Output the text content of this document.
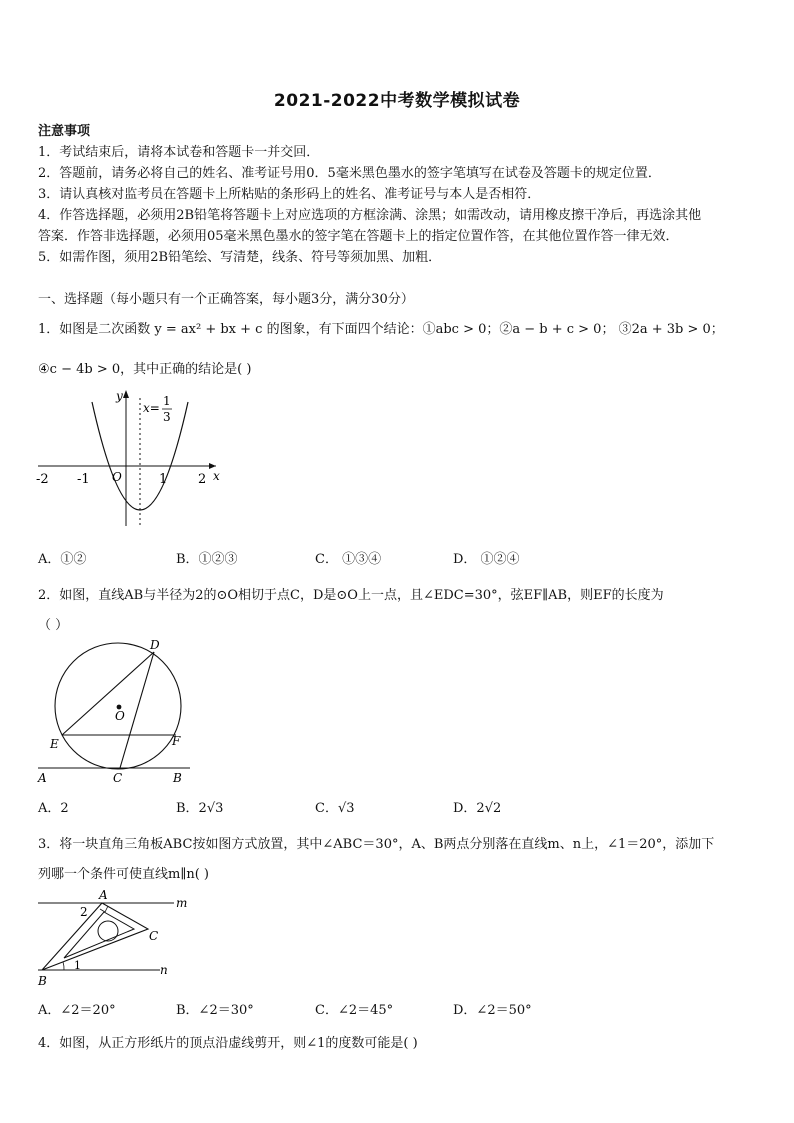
2021-2022中考数学模拟试卷
注意事项
1．考试结束后，请将本试卷和答题卡一并交回．
2．答题前，请务必将自己的姓名、准考证号用0．5毫米黑色墨水的签字笔填写在试卷及答题卡的规定位置．
3．请认真核对监考员在答题卡上所粘贴的条形码上的姓名、准考证号与本人是否相符．
4．作答选择题，必须用2B铅笔将答题卡上对应选项的方框涂满、涂黑；如需改动，请用橡皮擦干净后，再选涂其他
答案．作答非选择题，必须用05毫米黑色墨水的签字笔在答题卡上的指定位置作答，在其他位置作答一律无效．
5．如需作图，须用2B铅笔绘、写清楚，线条、符号等须加黑、加粗．
一、选择题（每小题只有一个正确答案，每小题3分，满分30分）
1．如图是二次函数 y = ax² + bx + c 的图象，有下面四个结论：①abc > 0；②a − b + c > 0； ③2a + 3b > 0；
④c − 4b > 0，其中正确的结论是( )
y
x
O
x= 1
3
-2 -1	1 2
A．①②	B．①②③	C． ①③④	D． ①②④
2．如图，直线AB与半径为2的⊙O相切于点C，D是⊙O上一点，且∠EDC=30°，弦EF∥AB，则EF的长度为
（ ）
D
O
E	F
A	C	B
A．2	B．2√3	C．√3	D．2√2
3．将一块直角三角板ABC按如图方式放置，其中∠ABC＝30°，A、B两点分别落在直线m、n上，∠1＝20°，添加下
列哪一个条件可使直线m∥n( )
A
m
2
C
B
1	n
A．∠2＝20°	B．∠2＝30°	C．∠2＝45°	D．∠2＝50°
4．如图，从正方形纸片的顶点沿虚线剪开，则∠1的度数可能是( )
